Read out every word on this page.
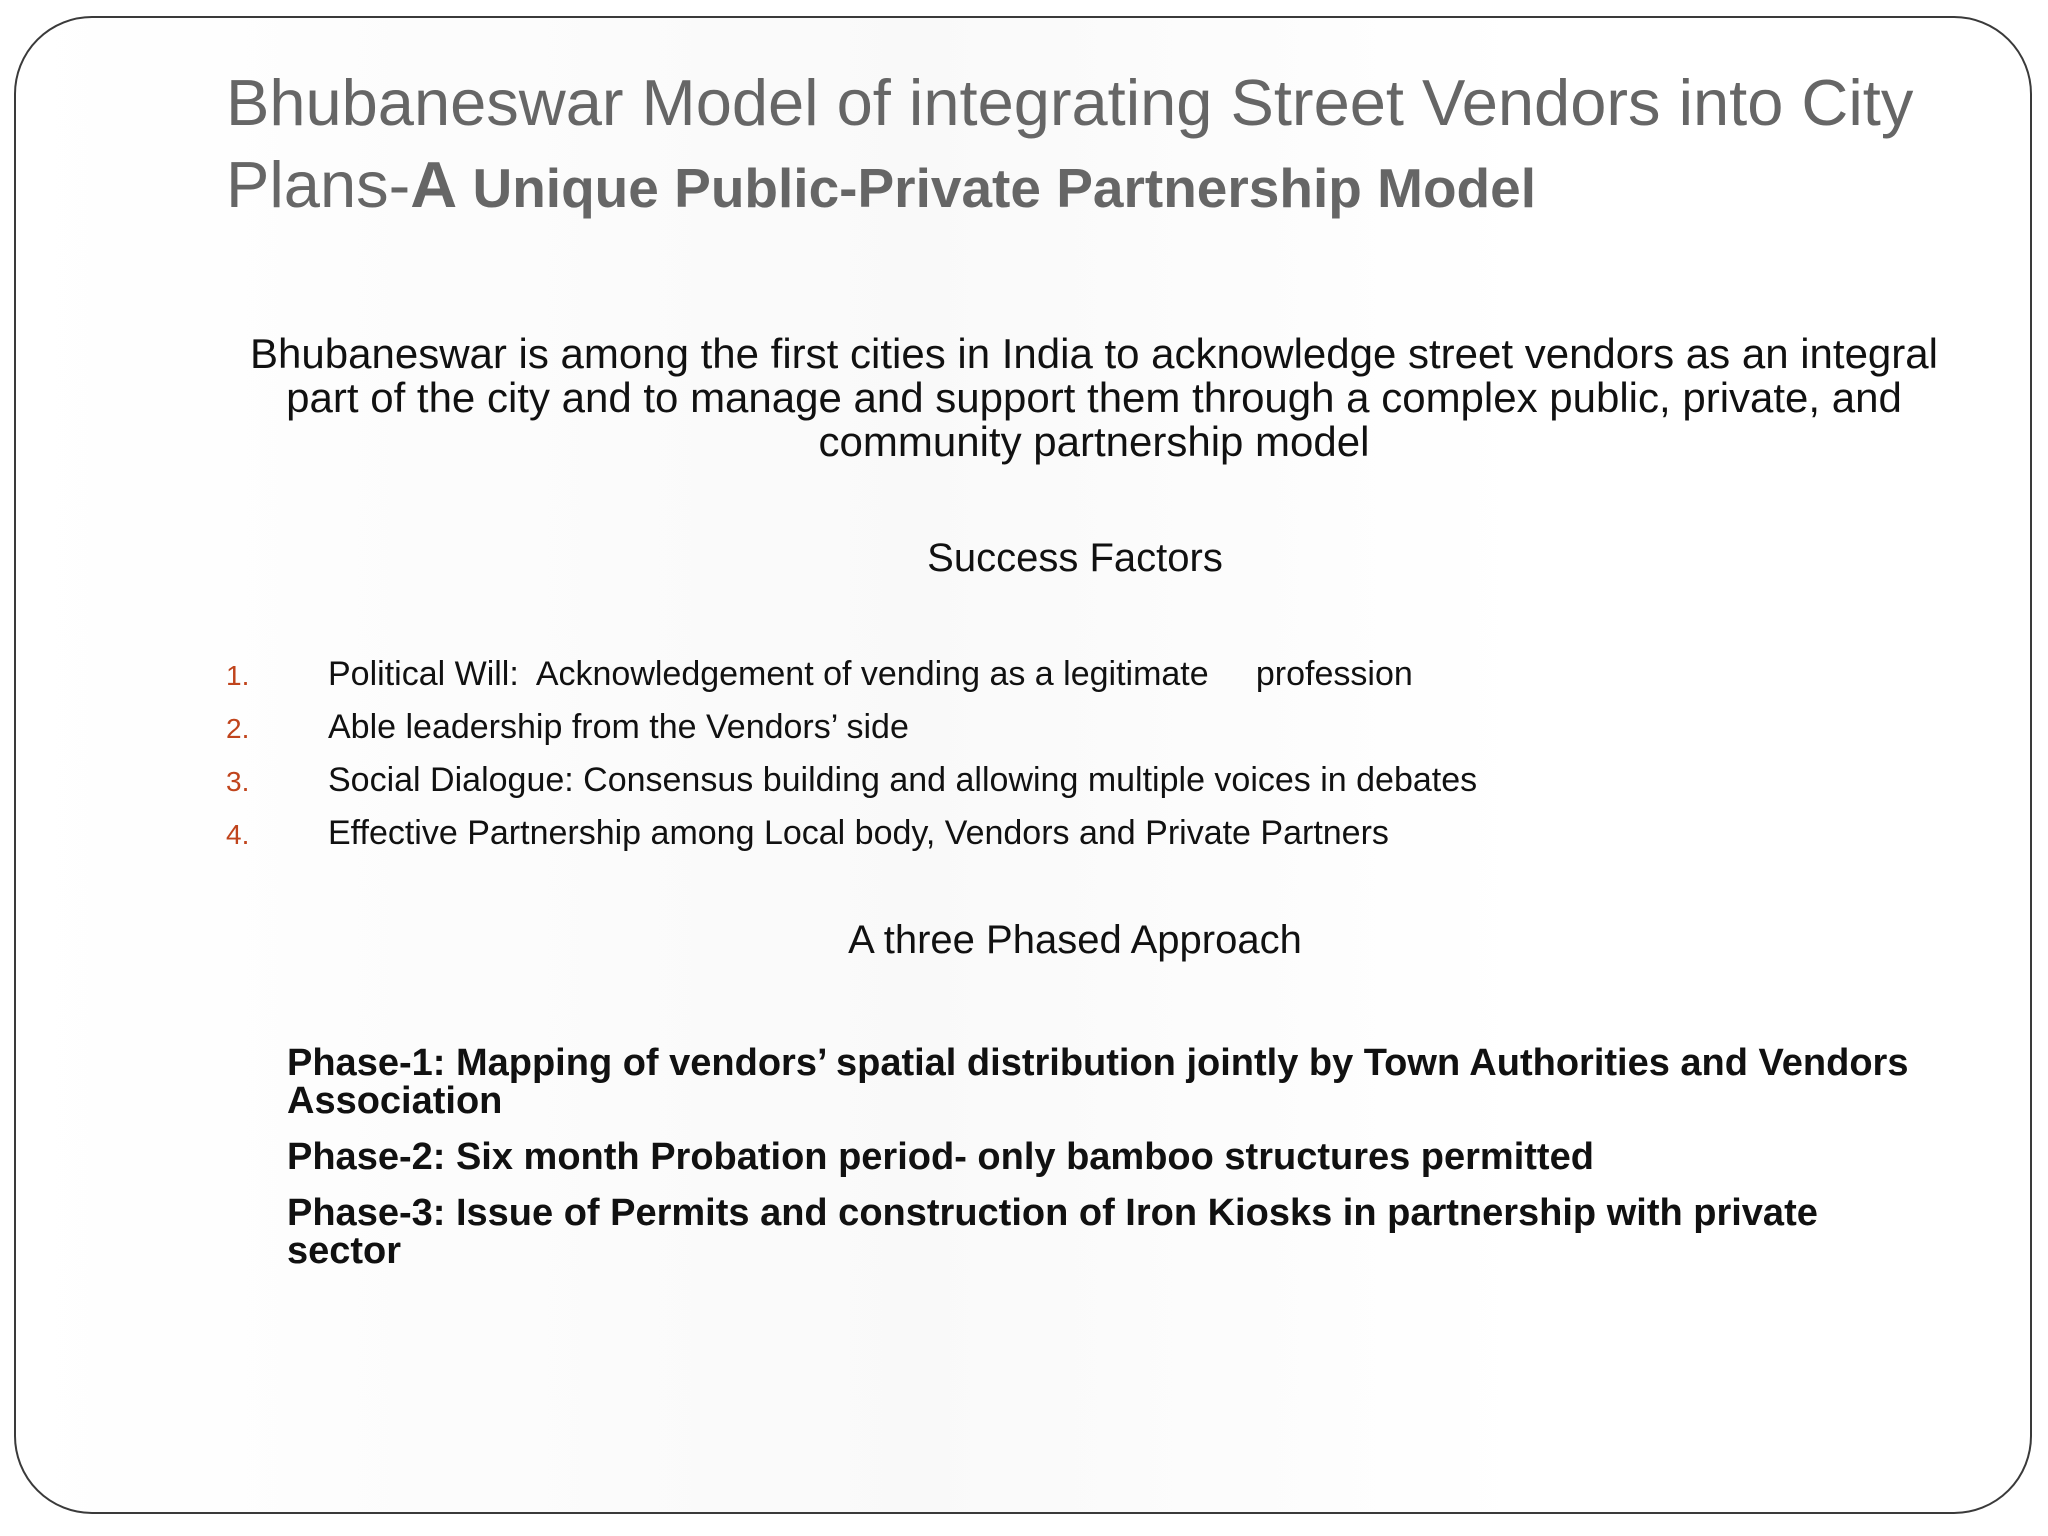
Bhubaneswar Model of integrating Street Vendors into City Plans-A Unique Public-Private Partnership Model

Bhubaneswar is among the first cities in India to acknowledge street vendors as an integral part of the city and to manage and support them through a complex public, private, and community partnership model

Success Factors
1. Political Will:  Acknowledgement of vending as a legitimate     profession
2. Able leadership from the Vendors’ side
3. Social Dialogue: Consensus building and allowing multiple voices in debates
4. Effective Partnership among Local body, Vendors and Private Partners
A three Phased Approach
Phase-1: Mapping of vendors’ spatial distribution jointly by Town Authorities and Vendors Association
Phase-2: Six month Probation period- only bamboo structures permitted
Phase-3: Issue of Permits and construction of Iron Kiosks in partnership with private sector
